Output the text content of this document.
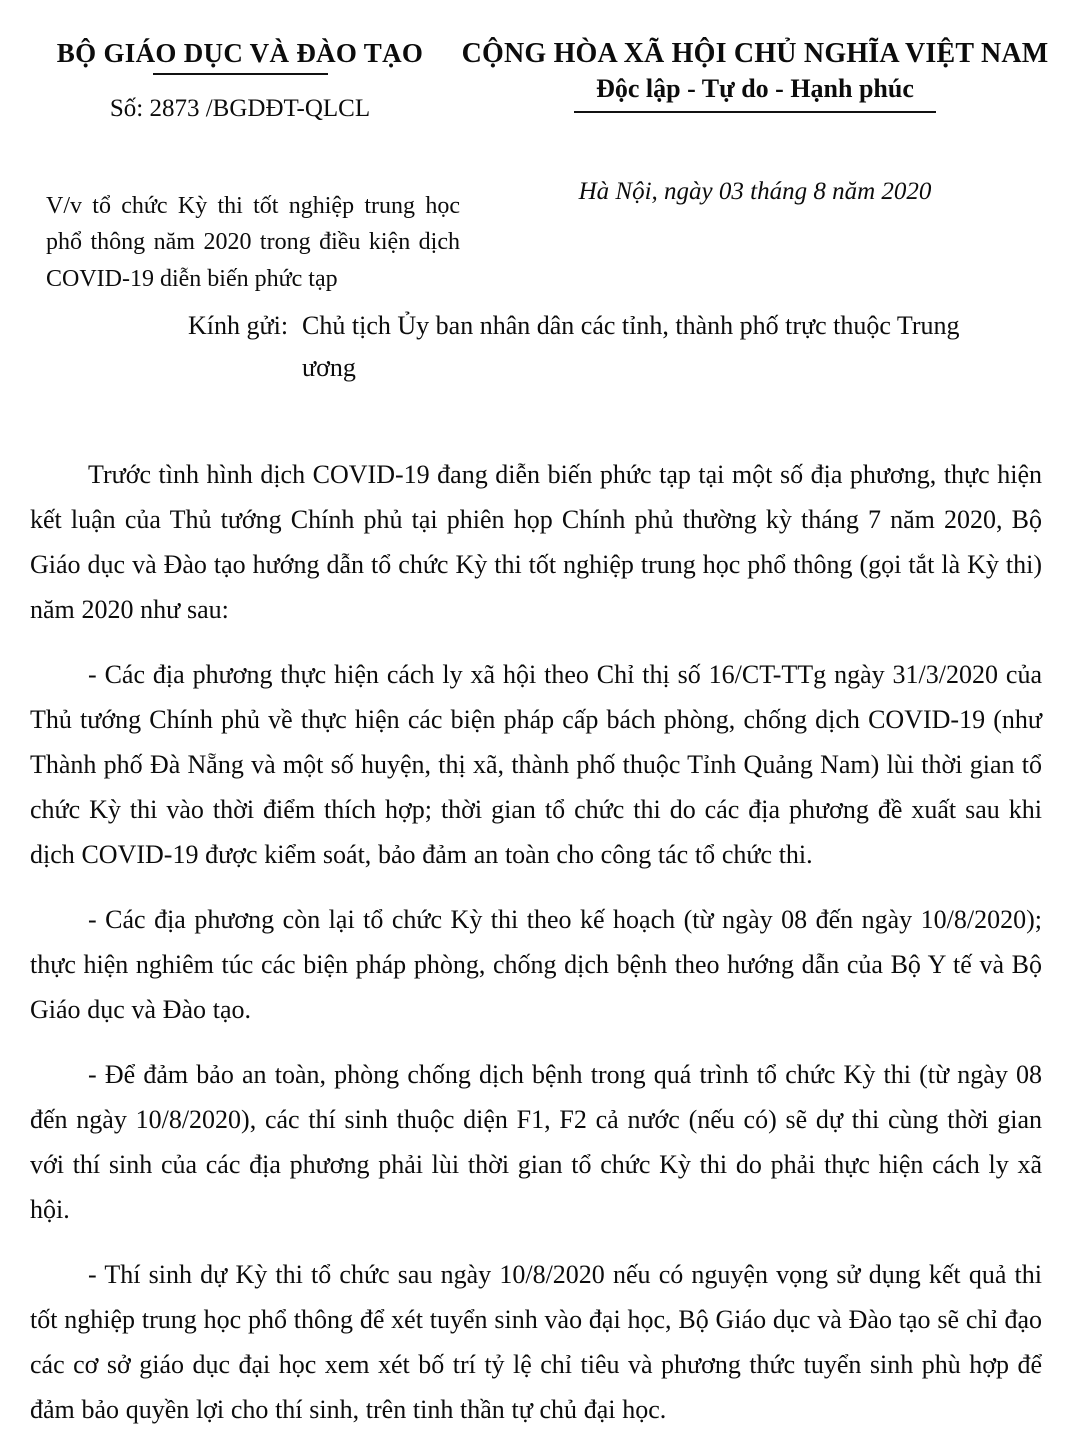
BỘ GIÁO DỤC VÀ ĐÀO TẠO
Số: 2873 /BGDĐT-QLCL
CỘNG HÒA XÃ HỘI CHỦ NGHĨA VIỆT NAM
Độc lập - Tự do - Hạnh phúc
V/v tổ chức Kỳ thi tốt nghiệp trung học phổ thông năm 2020 trong điều kiện dịch COVID-19 diễn biến phức tạp
Hà Nội, ngày 03 tháng 8 năm 2020
Kính gửi: Chủ tịch Ủy ban nhân dân các tỉnh, thành phố trực thuộc Trung ương

Trước tình hình dịch COVID-19 đang diễn biến phức tạp tại một số địa phương, thực hiện kết luận của Thủ tướng Chính phủ tại phiên họp Chính phủ thường kỳ tháng 7 năm 2020, Bộ Giáo dục và Đào tạo hướng dẫn tổ chức Kỳ thi tốt nghiệp trung học phổ thông (gọi tắt là Kỳ thi) năm 2020 như sau:

- Các địa phương thực hiện cách ly xã hội theo Chỉ thị số 16/CT-TTg ngày 31/3/2020 của Thủ tướng Chính phủ về thực hiện các biện pháp cấp bách phòng, chống dịch COVID-19 (như Thành phố Đà Nẵng và một số huyện, thị xã, thành phố thuộc Tỉnh Quảng Nam) lùi thời gian tổ chức Kỳ thi vào thời điểm thích hợp; thời gian tổ chức thi do các địa phương đề xuất sau khi dịch COVID-19 được kiểm soát, bảo đảm an toàn cho công tác tổ chức thi.

- Các địa phương còn lại tổ chức Kỳ thi theo kế hoạch (từ ngày 08 đến ngày 10/8/2020); thực hiện nghiêm túc các biện pháp phòng, chống dịch bệnh theo hướng dẫn của Bộ Y tế và Bộ Giáo dục và Đào tạo.

- Để đảm bảo an toàn, phòng chống dịch bệnh trong quá trình tổ chức Kỳ thi (từ ngày 08 đến ngày 10/8/2020), các thí sinh thuộc diện F1, F2 cả nước (nếu có) sẽ dự thi cùng thời gian với thí sinh của các địa phương phải lùi thời gian tổ chức Kỳ thi do phải thực hiện cách ly xã hội.

- Thí sinh dự Kỳ thi tổ chức sau ngày 10/8/2020 nếu có nguyện vọng sử dụng kết quả thi tốt nghiệp trung học phổ thông để xét tuyển sinh vào đại học, Bộ Giáo dục và Đào tạo sẽ chỉ đạo các cơ sở giáo dục đại học xem xét bố trí tỷ lệ chỉ tiêu và phương thức tuyển sinh phù hợp để đảm bảo quyền lợi cho thí sinh, trên tinh thần tự chủ đại học.
